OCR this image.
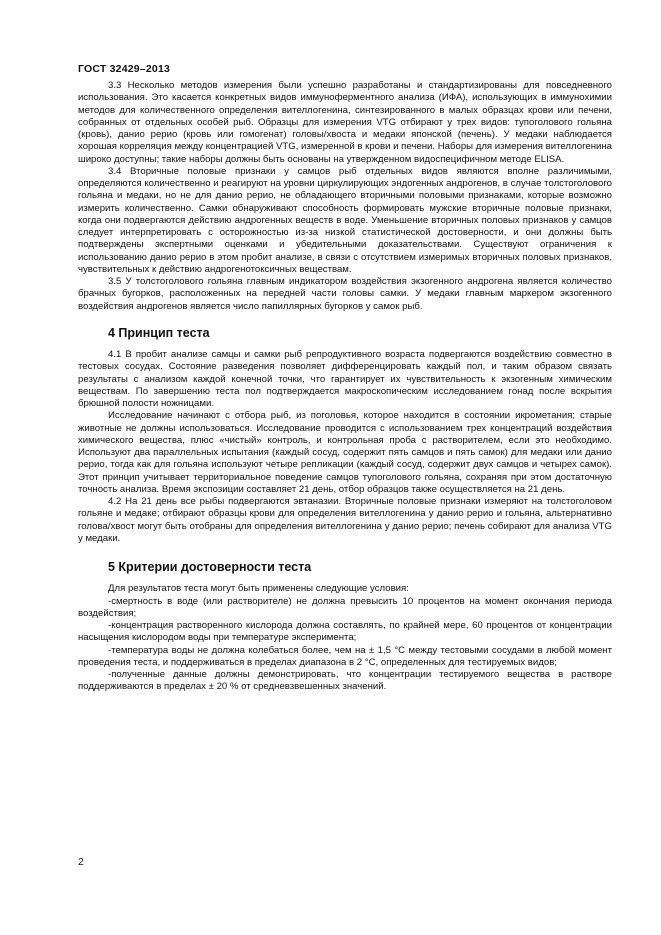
ГОСТ 32429–2013

3.3 Несколько методов измерения были успешно разработаны и стандартизированы для повседневного использования. Это касается конкретных видов иммуноферментного анализа (ИФА), использующих в иммунохимии методов для количественного определения вителлогенина, синтезированного в малых образцах крови или печени, собранных от отдельных особей рыб. Образцы для измерения VTG отбирают у трех видов: тупоголового гольяна (кровь), данио рерио (кровь или гомогенат) головы/хвоста и медаки японской (печень). У медаки наблюдается хорошая корреляция между концентрацией VTG, измеренной в крови и печени. Наборы для измерения вителлогенина широко доступны; такие наборы должны быть основаны на утвержденном видоспецифичном методе ELISA.

3.4 Вторичные половые признаки у самцов рыб отдельных видов являются вполне различимыми, определяются количественно и реагируют на уровни циркулирующих эндогенных андрогенов, в случае толстоголового гольяна и медаки, но не для данио рерио, не обладающего вторичными половыми признаками, которые возможно измерить количественно. Самки обнаруживают способность формировать мужские вторичные половые признаки, когда они подвергаются действию андрогенных веществ в воде. Уменьшение вторичных половых признаков у самцов следует интерпретировать с осторожностью из-за низкой статистической достоверности, и они должны быть подтверждены экспертными оценками и убедительными доказательствами. Существуют ограничения к использованию данио рерио в этом пробит анализе, в связи с отсутствием измеримых вторичных половых признаков, чувствительных к действию андрогенотоксичных веществам.

3.5 У толстоголового гольяна главным индикатором воздействия экзогенного андрогена является количество брачных бугорков, расположенных на передней части головы самки. У медаки главным маркером экзогенного воздействия андрогенов является число папиллярных бугорков у самок рыб.

4 Принцип теста

4.1 В пробит анализе самцы и самки рыб репродуктивного возраста подвергаются воздействию совместно в тестовых сосудах. Состояние разведения позволяет дифференцировать каждый пол, и таким образом связать результаты с анализом каждой конечной точки, что гарантирует их чувствительность к экзогенным химическим веществам. По завершению теста пол подтверждается макроскопическим исследованием гонад после вскрытия брюшной полости ножницами.

Исследование начинают с отбора рыб, из поголовья, которое находится в состоянии икрометания; старые животные не должны использоваться. Исследование проводится с использованием трех концентраций воздействия химического вещества, плюс «чистый» контроль, и контрольная проба с растворителем, если это необходимо. Используют два параллельных испытания (каждый сосуд, содержит пять самцов и пять самок) для медаки или данио рерио, тогда как для гольяна используют четыре репликации (каждый сосуд, содержит двух самцов и четырех самок). Этот принцип учитывает территориальное поведение самцов тупоголового гольяна, сохраняя при этом достаточную точность анализа. Время экспозиции составляет 21 день, отбор образцов также осуществляется на 21 день.

4.2 На 21 день все рыбы подвергаются эвтаназии. Вторичные половые признаки измеряют на толстоголовом гольяне и медаке; отбирают образцы крови для определения вителлогенина у данио рерио и гольяна, альтернативно голова/хвост могут быть отобраны для определения вителлогенина у данио рерио; печень собирают для анализа VTG у медаки.

5 Критерии достоверности теста

Для результатов теста могут быть применены следующие условия:

-смертность в воде (или растворителе) не должна превысить 10 процентов на момент окончания периода воздействия;

-концентрация растворенного кислорода должна составлять, по крайней мере, 60 процентов от концентрации насыщения кислородом воды при температуре эксперимента;

-температура воды не должна колебаться более, чем на ± 1,5 °С между тестовыми сосудами в любой момент проведения теста, и поддерживаться в пределах диапазона в 2 °С, определенных для тестируемых видов;

-полученные данные должны демонстрировать, что концентрации тестируемого вещества в растворе поддерживаются в пределах ± 20 % от средневзвешенных значений.

2
